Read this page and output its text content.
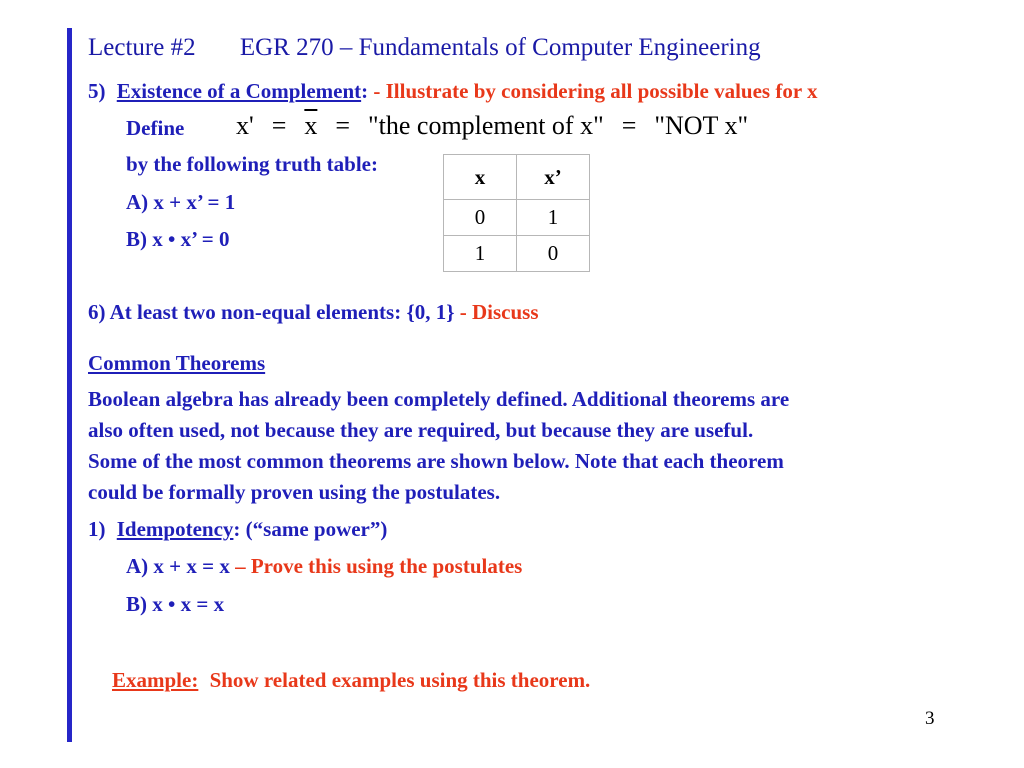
Lecture #2 EGR 270 – Fundamentals of Computer Engineering
5) Existence of a Complement: - Illustrate by considering all possible values for x
Define $x' = \overline{x}$ = "the complement of x" = "NOT x"
by the following truth table:
A) x + x’ = 1
B) x • x’ = 0
x	x’
0	1
1	0
6) At least two non-equal elements: {0, 1} - Discuss
Common Theorems
Boolean algebra has already been completely defined. Additional theorems are
also often used, not because they are required, but because they are useful.
Some of the most common theorems are shown below. Note that each theorem
could be formally proven using the postulates.
1) Idempotency: (“same power”)
A) x + x = x – Prove this using the postulates
B) x • x = x
Example: Show related examples using this theorem.
3
